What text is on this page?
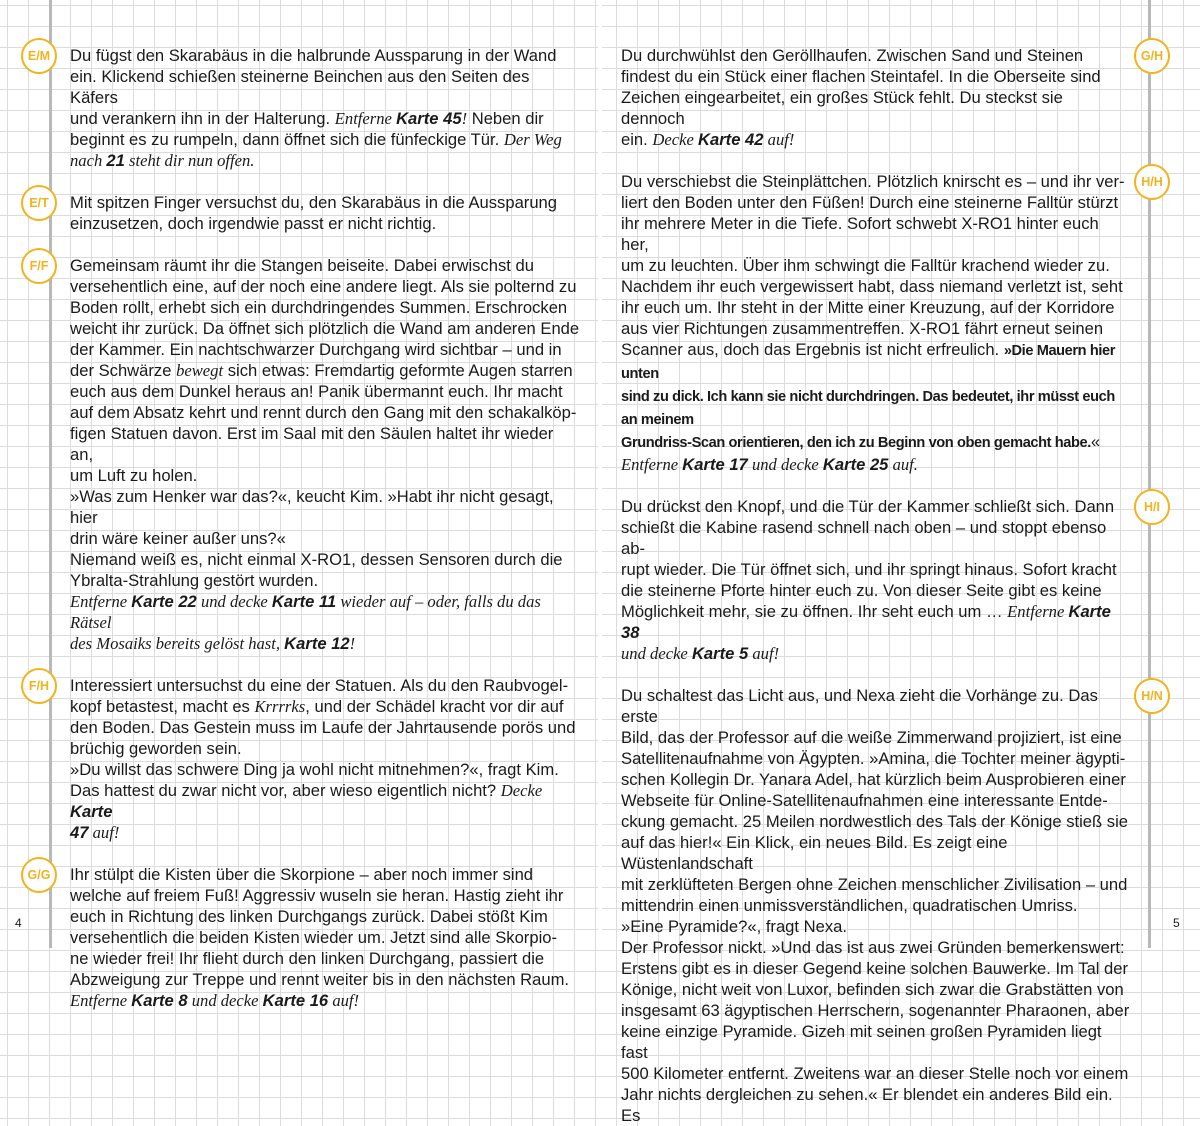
E/M	Du fügst den Skarabäus in die halbrunde Aussparung in der Wand
ein. Klickend schießen steinerne Beinchen aus den Seiten des Käfers
und verankern ihn in der Halterung. Entferne Karte 45! Neben dir
beginnt es zu rumpeln, dann öffnet sich die fünfeckige Tür. Der Weg
nach 21 steht dir nun offen.

E/T	Mit spitzen Finger versuchst du, den Skarabäus in die Aussparung
einzusetzen, doch irgendwie passt er nicht richtig.

F/F	Gemeinsam räumt ihr die Stangen beiseite. Dabei erwischst du
versehentlich eine, auf der noch eine andere liegt. Als sie polternd zu
Boden rollt, erhebt sich ein durchdringendes Summen. Erschrocken
weicht ihr zurück. Da öffnet sich plötzlich die Wand am anderen Ende
der Kammer. Ein nachtschwarzer Durchgang wird sichtbar – und in
der Schwärze bewegt sich etwas: Fremdartig geformte Augen starren
euch aus dem Dunkel heraus an! Panik übermannt euch. Ihr macht
auf dem Absatz kehrt und rennt durch den Gang mit den schakalköp-
figen Statuen davon. Erst im Saal mit den Säulen haltet ihr wieder an,
um Luft zu holen.
»Was zum Henker war das?«, keucht Kim. »Habt ihr nicht gesagt, hier
drin wäre keiner außer uns?«
Niemand weiß es, nicht einmal X-RO1, dessen Sensoren durch die
Ybralta-Strahlung gestört wurden.
Entferne Karte 22 und decke Karte 11 wieder auf – oder, falls du das Rätsel
des Mosaiks bereits gelöst hast, Karte 12!

F/H	Interessiert untersuchst du eine der Statuen. Als du den Raubvogel-
kopf betastest, macht es Krrrrks, und der Schädel kracht vor dir auf
den Boden. Das Gestein muss im Laufe der Jahrtausende porös und
brüchig geworden sein.
»Du willst das schwere Ding ja wohl nicht mitnehmen?«, fragt Kim.
Das hattest du zwar nicht vor, aber wieso eigentlich nicht? Decke Karte
47 auf!

G/G	Ihr stülpt die Kisten über die Skorpione – aber noch immer sind
welche auf freiem Fuß! Aggressiv wuseln sie heran. Hastig zieht ihr
euch in Richtung des linken Durchgangs zurück. Dabei stößt Kim
versehentlich die beiden Kisten wieder um. Jetzt sind alle Skorpio-
ne wieder frei! Ihr flieht durch den linken Durchgang, passiert die
Abzweigung zur Treppe und rennt weiter bis in den nächsten Raum.
Entferne Karte 8 und decke Karte 16 auf!

G/H

Du durchwühlst den Geröllhaufen. Zwischen Sand und Steinen
findest du ein Stück einer flachen Steintafel. In die Oberseite sind
Zeichen eingearbeitet, ein großes Stück fehlt. Du steckst sie dennoch
ein. Decke Karte 42 auf!

H/H

Du verschiebst die Steinplättchen. Plötzlich knirscht es – und ihr ver-
liert den Boden unter den Füßen! Durch eine steinerne Falltür stürzt
ihr mehrere Meter in die Tiefe. Sofort schwebt X-RO1 hinter euch her,
um zu leuchten. Über ihm schwingt die Falltür krachend wieder zu.
Nachdem ihr euch vergewissert habt, dass niemand verletzt ist, seht
ihr euch um. Ihr steht in der Mitte einer Kreuzung, auf der Korridore
aus vier Richtungen zusammentreffen. X-RO1 fährt erneut seinen
Scanner aus, doch das Ergebnis ist nicht erfreulich. »Die Mauern hier unten
sind zu dick. Ich kann sie nicht durchdringen. Das bedeutet, ihr müsst euch an meinem
Grundriss-Scan orientieren, den ich zu Beginn von oben gemacht habe.«
Entferne Karte 17 und decke Karte 25 auf.

H/I

Du drückst den Knopf, und die Tür der Kammer schließt sich. Dann
schießt die Kabine rasend schnell nach oben – und stoppt ebenso ab-
rupt wieder. Die Tür öffnet sich, und ihr springt hinaus. Sofort kracht
die steinerne Pforte hinter euch zu. Von dieser Seite gibt es keine
Möglichkeit mehr, sie zu öffnen. Ihr seht euch um … Entferne Karte 38
und decke Karte 5 auf!

H/N

Du schaltest das Licht aus, und Nexa zieht die Vorhänge zu. Das erste
Bild, das der Professor auf die weiße Zimmerwand projiziert, ist eine
Satellitenaufnahme von Ägypten. »Amina, die Tochter meiner ägypti-
schen Kollegin Dr. Yanara Adel, hat kürzlich beim Ausprobieren einer
Webseite für Online-Satellitenaufnahmen eine interessante Entde-
ckung gemacht. 25 Meilen nordwestlich des Tals der Könige stieß sie
auf das hier!« Ein Klick, ein neues Bild. Es zeigt eine Wüstenlandschaft
mit zerklüfteten Bergen ohne Zeichen menschlicher Zivilisation – und
mittendrin einen unmissverständlichen, quadratischen Umriss.
»Eine Pyramide?«, fragt Nexa.
Der Professor nickt. »Und das ist aus zwei Gründen bemerkenswert:
Erstens gibt es in dieser Gegend keine solchen Bauwerke. Im Tal der
Könige, nicht weit von Luxor, befinden sich zwar die Grabstätten von
insgesamt 63 ägyptischen Herrschern, sogenannter Pharaonen, aber
keine einzige Pyramide. Gizeh mit seinen großen Pyramiden liegt fast
500 Kilometer entfernt. Zweitens war an dieser Stelle noch vor einem
Jahr nichts dergleichen zu sehen.« Er blendet ein anderes Bild ein. Es

4	5
